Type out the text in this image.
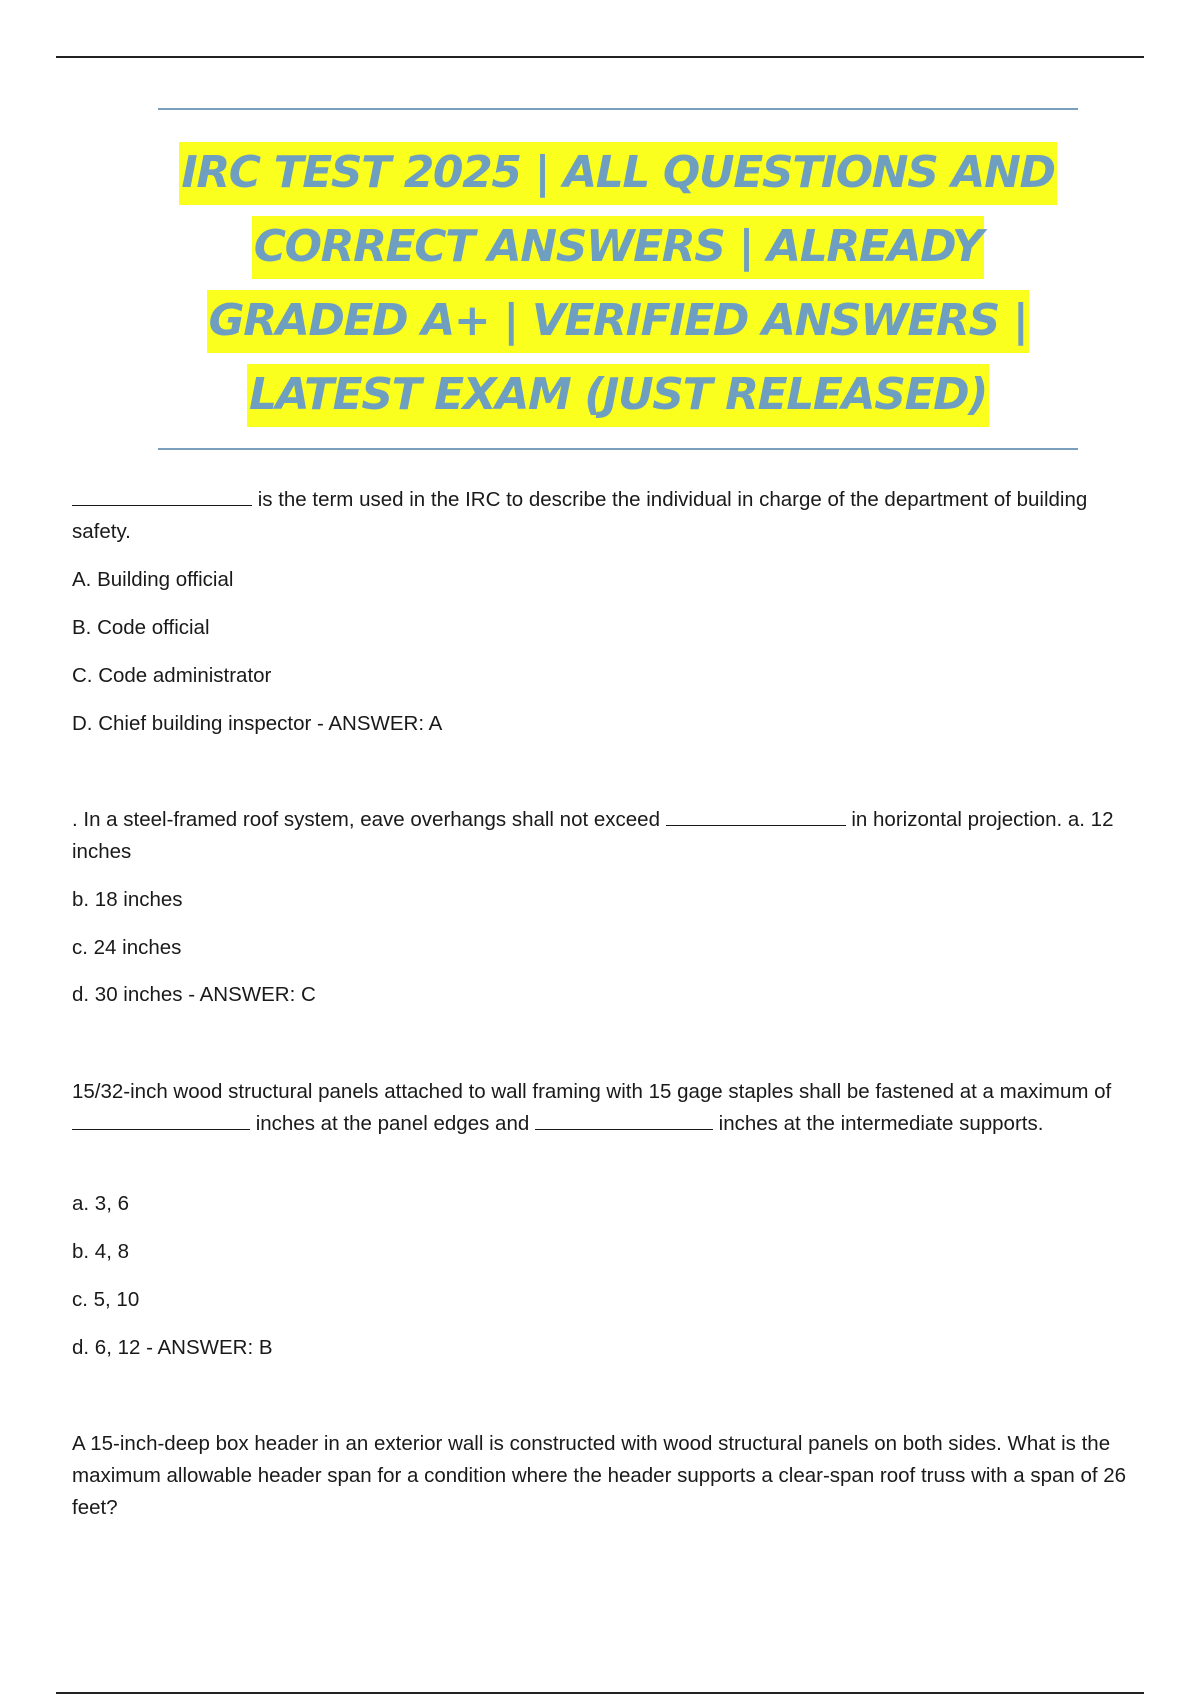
IRC TEST 2025 | ALL QUESTIONS AND
CORRECT ANSWERS | ALREADY
GRADED A+ | VERIFIED ANSWERS |
LATEST EXAM (JUST RELEASED)

is the term used in the IRC to describe the individual in charge of the department of building safety.

A. Building official

B. Code official

C. Code administrator

D. Chief building inspector - ANSWER: A

. In a steel-framed roof system, eave overhangs shall not exceed	in horizontal projection. a. 12 inches

b. 18 inches

c. 24 inches

d. 30 inches - ANSWER: C

15/32-inch wood structural panels attached to wall framing with 15 gage staples shall be fastened at a maximum of  inches at the panel edges and	inches at the intermediate supports.

a. 3, 6

b. 4, 8

c. 5, 10

d. 6, 12 - ANSWER: B

A 15-inch-deep box header in an exterior wall is constructed with wood structural panels on both sides. What is the maximum allowable header span for a condition where the header supports a clear-span roof truss with a span of 26 feet?
